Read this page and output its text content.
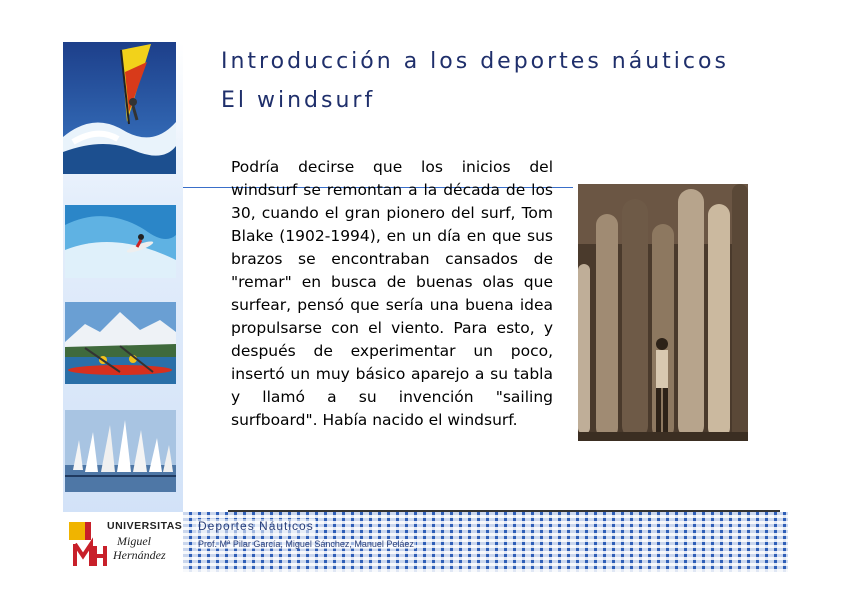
Introducción a los deportes náuticos
El windsurf
Podría decirse que los inicios del windsurf se remontan a la década de los 30, cuando el gran pionero del surf, Tom Blake (1902-1994), en un día en que sus brazos se encontraban cansados de "remar" en busca de buenas olas que surfear, pensó que sería una buena idea propulsarse con el viento. Para esto, y después de experimentar un poco, insertó un muy básico aparejo a su tabla y llamó a su invención "sailing surfboard". Había nacido el windsurf.
Deportes Náuticos
Prof. Mª Pilar García, Miguel Sánchez, Manuel Peláez
UNIVERSITAS
Miguel
Hernández
